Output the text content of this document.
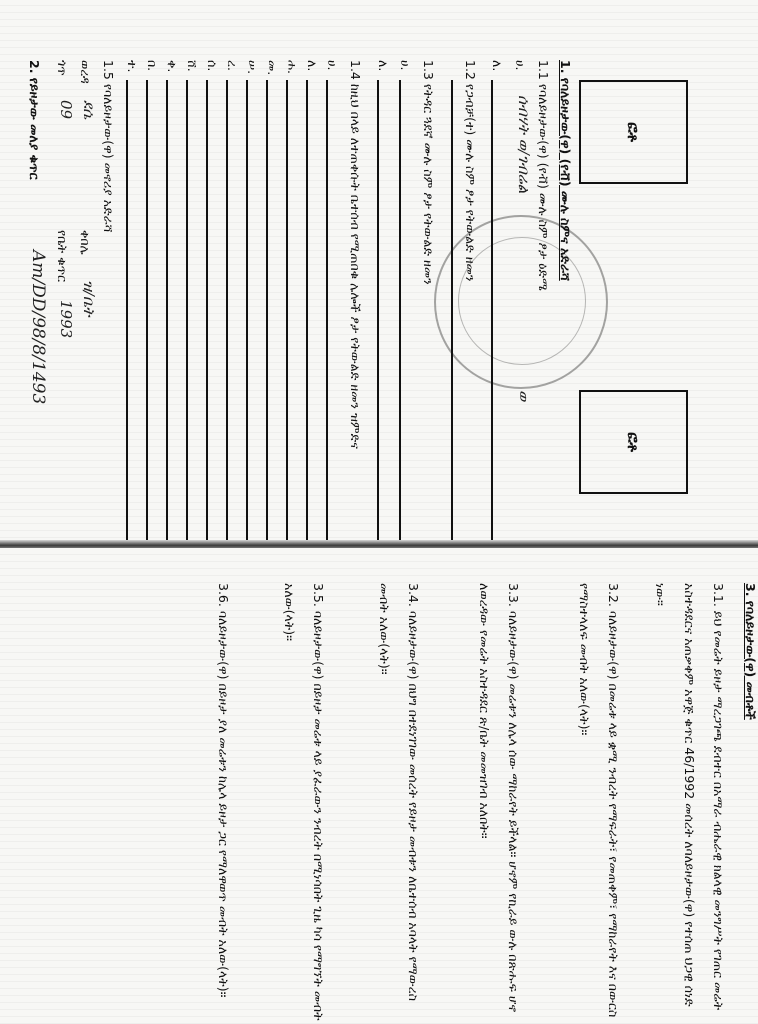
ፎቶ
ፎቶ
1. የባለይዞታው(ዋ) (የቭ) ሙሉ ስምና አድራሻ
1.1 የባለይዞታው(ዋ) (የቭ) ሙሉ ስም ፆታ ዕድሜ
ሀ.
ሰብሃት ወ/ገብሬል
ወ
ለ.
1.2 የጋብቻ(ተ) ሙሉ ስም ፆታ የትውልድ ዘመን
1.3 የትዳር ጓደኛ ሙሉ ስም ፆታ የትውልድ ዘመን
ሀ.
ለ.
1.4 ከዚህ በላይ ለተጠቀሱት ቤተሰብ የሚጠበቁ ሌሎች ፆታ የትውልድ ዘመን ዝምድና
ሀ.
ለ.
ሐ.
መ.
ሠ.
ረ.
ሰ.
ሸ.
ቀ.
በ.
ተ.
1.5 የባለይዞታው(ዋ) መኖሪያ አድራሻ
ወረዳ
ደሴ
ቀበሌ
ዝ/ቤት
ጎጥ
09
የቤት ቁጥር
1993
2. የይዞታው መለያ ቁጥር
Am/DD/98/8/1493
3. የባለይዞታው(ዋ) መብቶች
3.1. ይህ የመሬት ይዞታ ማረጋገጫ ደብተር በአማራ ብሔራዊ ክልላዊ መንግሥት የገጠር መሬት አስተዳደርና አጠቃቀም አዋጅ ቁጥር 46/1992 መሰረት ለባለይዞታው(ዋ) የተሰጠ ህጋዊ ሰነድ ነው።
3.2. ባለይዞታው(ዋ) በመሬቱ ላይ ቋሚ ንብረት የማፍራት፣ የመጠቀም፣ የማከራየት እና በውርስ የማስተላለፍ መብት አለው(ላት)።
3.3. ባለይዞታው(ዋ) መሬቱን ለሌላ ሰው ማከራየት ይችላል። ሆኖም የኪራይ ውሉ በጽሑፍ ሆኖ ለወረዳው የመሬት አስተዳደር ጽ/ቤት መመዝገብ አለበት።
3.4. ባለይዞታው(ዋ) በህግ በተደነገገው መሰረት የይዞታ መብቱን ለቤተሰብ አባላት የማውረስ መብት አለው(ላት)።
3.5. ባለይዞታው(ዋ) በይዞታ መሬቱ ላይ ያፈራውን ንብረት በሚነሳበት ጊዜ ካሳ የማግኘት መብት አለው(ላት)።
3.6. ባለይዞታው(ዋ) በይዞታ ያለ መሬቱን ከሌላ ይዞታ ጋር የማለዋወጥ መብት አለው(ላት)።
